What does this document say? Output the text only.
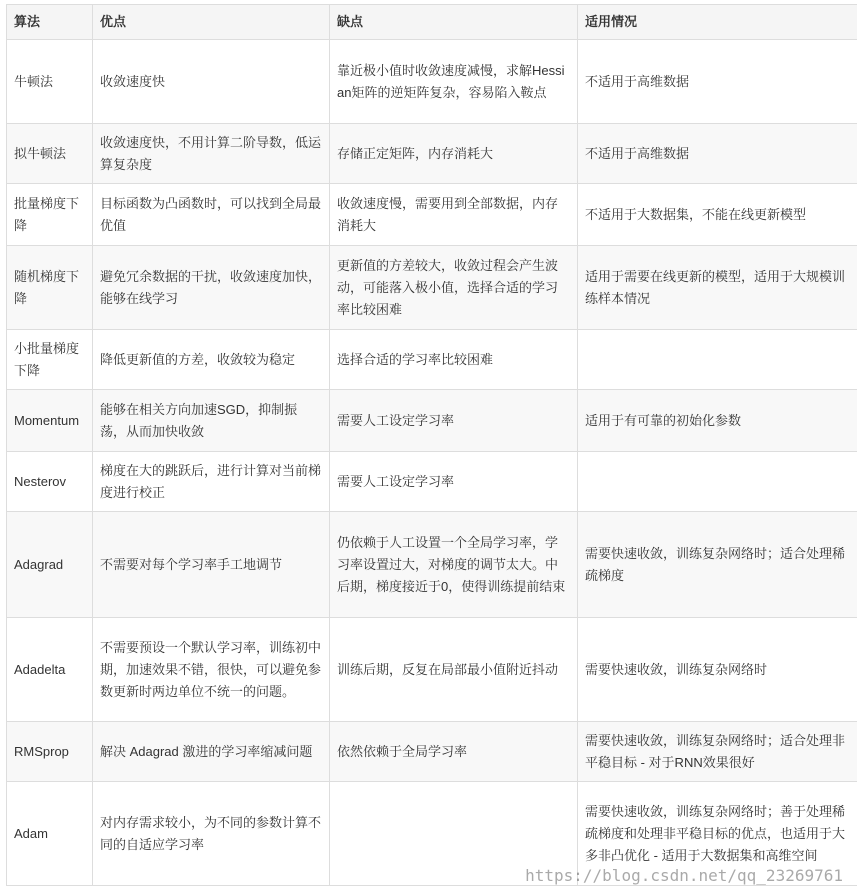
算法	优点	缺点	适用情况
牛顿法	收敛速度快	靠近极小值时收敛速度减慢，求解Hessian矩阵的逆矩阵复杂，容易陷入鞍点	不适用于高维数据
拟牛顿法	收敛速度快，不用计算二阶导数，低运算复杂度	存储正定矩阵，内存消耗大	不适用于高维数据
批量梯度下降	目标函数为凸函数时，可以找到全局最优值	收敛速度慢，需要用到全部数据，内存消耗大	不适用于大数据集，不能在线更新模型
随机梯度下降	避免冗余数据的干扰，收敛速度加快，能够在线学习	更新值的方差较大，收敛过程会产生波动，可能落入极小值，选择合适的学习率比较困难	适用于需要在线更新的模型，适用于大规模训练样本情况
小批量梯度下降	降低更新值的方差，收敛较为稳定	选择合适的学习率比较困难	
Momentum	能够在相关方向加速SGD，抑制振荡，从而加快收敛	需要人工设定学习率	适用于有可靠的初始化参数
Nesterov	梯度在大的跳跃后，进行计算对当前梯度进行校正	需要人工设定学习率	
Adagrad	不需要对每个学习率手工地调节	仍依赖于人工设置一个全局学习率，学习率设置过大，对梯度的调节太大。中后期，梯度接近于0，使得训练提前结束	需要快速收敛，训练复杂网络时；适合处理稀疏梯度
Adadelta	不需要预设一个默认学习率，训练初中期，加速效果不错，很快，可以避免参数更新时两边单位不统一的问题。	训练后期，反复在局部最小值附近抖动	需要快速收敛，训练复杂网络时
RMSprop	解决 Adagrad 激进的学习率缩减问题	依然依赖于全局学习率	需要快速收敛，训练复杂网络时；适合处理非平稳目标 - 对于RNN效果很好
Adam	对内存需求较小，为不同的参数计算不同的自适应学习率		需要快速收敛，训练复杂网络时；善于处理稀疏梯度和处理非平稳目标的优点，也适用于大多非凸优化 - 适用于大数据集和高维空间
https://blog.csdn.net/qq_23269761
